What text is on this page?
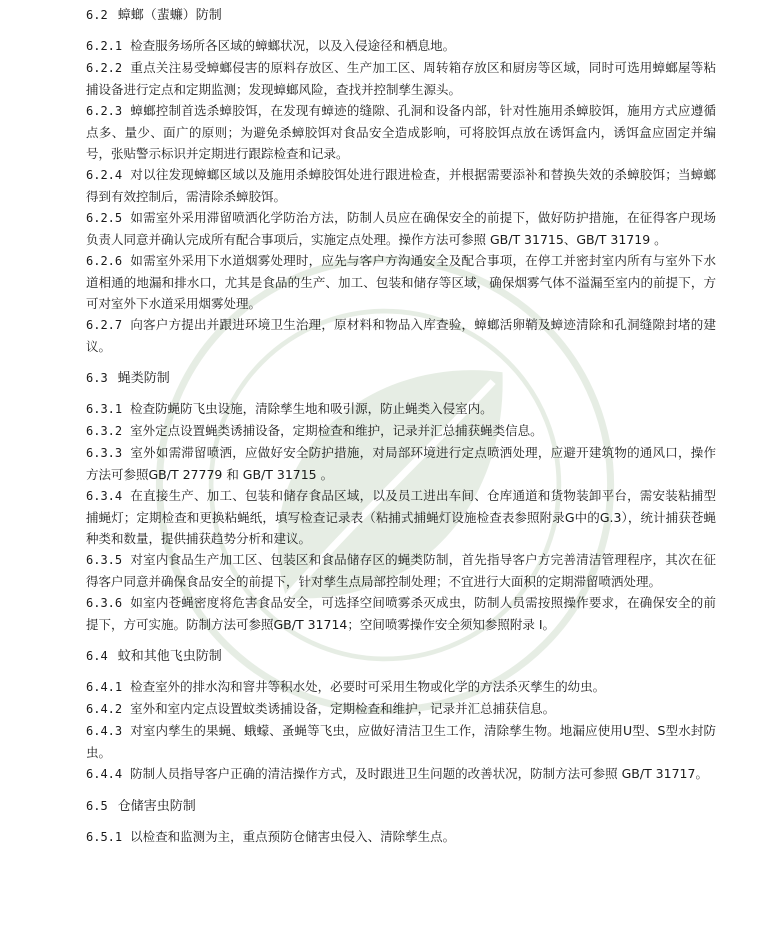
6.2 蟑螂（蜚蠊）防制

6.2.1 检查服务场所各区域的蟑螂状况，以及入侵途径和栖息地。

6.2.2 重点关注易受蟑螂侵害的原料存放区、生产加工区、周转箱存放区和厨房等区域，同时可选用蟑螂屋等粘捕设备进行定点和定期监测；发现蟑螂风险，查找并控制孳生源头。

6.2.3 蟑螂控制首选杀蟑胶饵，在发现有蟑迹的缝隙、孔洞和设备内部，针对性施用杀蟑胶饵，施用方式应遵循点多、量少、面广的原则；为避免杀蟑胶饵对食品安全造成影响，可将胶饵点放在诱饵盒内，诱饵盒应固定并编号，张贴警示标识并定期进行跟踪检查和记录。

6.2.4 对以往发现蟑螂区域以及施用杀蟑胶饵处进行跟进检查，并根据需要添补和替换失效的杀蟑胶饵；当蟑螂得到有效控制后，需清除杀蟑胶饵。

6.2.5 如需室外采用滞留喷洒化学防治方法，防制人员应在确保安全的前提下，做好防护措施，在征得客户现场负责人同意并确认完成所有配合事项后，实施定点处理。操作方法可参照 GB/T 31715、GB/T 31719 。

6.2.6 如需室外采用下水道烟雾处理时，应先与客户方沟通安全及配合事项，在停工并密封室内所有与室外下水道相通的地漏和排水口，尤其是食品的生产、加工、包装和储存等区域，确保烟雾气体不溢漏至室内的前提下，方可对室外下水道采用烟雾处理。

6.2.7 向客户方提出并跟进环境卫生治理，原材料和物品入库查验，蟑螂活卵鞘及蟑迹清除和孔洞缝隙封堵的建议。

6.3 蝇类防制

6.3.1 检查防蝇防飞虫设施，清除孳生地和吸引源，防止蝇类入侵室内。

6.3.2 室外定点设置蝇类诱捕设备，定期检查和维护，记录并汇总捕获蝇类信息。

6.3.3 室外如需滞留喷洒，应做好安全防护措施，对局部环境进行定点喷洒处理，应避开建筑物的通风口，操作方法可参照GB/T 27779 和 GB/T 31715 。

6.3.4 在直接生产、加工、包装和储存食品区域，以及员工进出车间、仓库通道和货物装卸平台，需安装粘捕型捕蝇灯；定期检查和更换粘蝇纸，填写检查记录表（粘捕式捕蝇灯设施检查表参照附录G中的G.3），统计捕获苍蝇种类和数量，提供捕获趋势分析和建议。

6.3.5 对室内食品生产加工区、包装区和食品储存区的蝇类防制，首先指导客户方完善清洁管理程序，其次在征得客户同意并确保食品安全的前提下，针对孳生点局部控制处理；不宜进行大面积的定期滞留喷洒处理。

6.3.6 如室内苍蝇密度将危害食品安全，可选择空间喷雾杀灭成虫，防制人员需按照操作要求，在确保安全的前提下，方可实施。防制方法可参照GB/T 31714；空间喷雾操作安全须知参照附录 I。

6.4 蚊和其他飞虫防制

6.4.1 检查室外的排水沟和窨井等积水处，必要时可采用生物或化学的方法杀灭孳生的幼虫。

6.4.2 室外和室内定点设置蚊类诱捕设备，定期检查和维护，记录并汇总捕获信息。

6.4.3 对室内孳生的果蝇、蛾蠓、蚤蝇等飞虫，应做好清洁卫生工作，清除孳生物。地漏应使用U型、S型水封防虫。

6.4.4 防制人员指导客户正确的清洁操作方式，及时跟进卫生问题的改善状况，防制方法可参照 GB/T 31717。

6.5 仓储害虫防制

6.5.1 以检查和监测为主，重点预防仓储害虫侵入、清除孳生点。
